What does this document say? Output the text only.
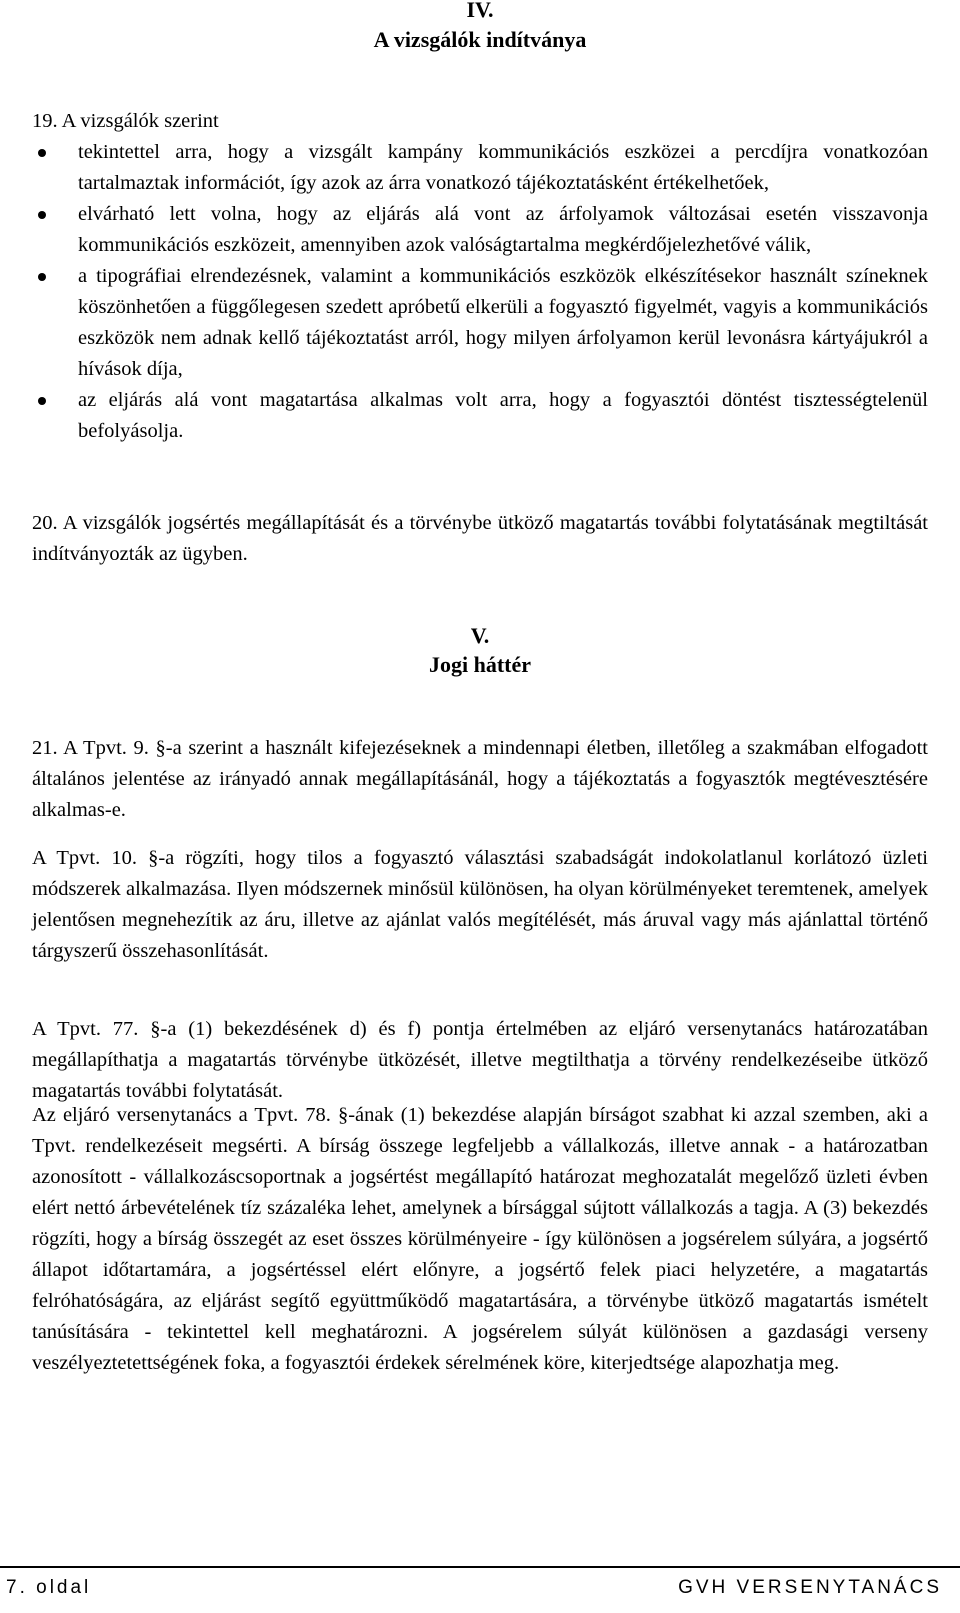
IV.
A vizsgálók indítványa

19. A vizsgálók szerint

tekintettel arra, hogy a vizsgált kampány kommunikációs eszközei a percdíjra vonatkozóan tartalmaztak információt, így azok az árra vonatkozó tájékoztatásként értékelhetőek,
elvárható lett volna, hogy az eljárás alá vont az árfolyamok változásai esetén visszavonja kommunikációs eszközeit, amennyiben azok valóságtartalma megkérdőjelezhetővé válik,
a tipográfiai elrendezésnek, valamint a kommunikációs eszközök elkészítésekor használt színeknek köszönhetően a függőlegesen szedett apróbetű elkerüli a fogyasztó figyelmét, vagyis a kommunikációs eszközök nem adnak kellő tájékoztatást arról, hogy milyen árfolyamon kerül levonásra kártyájukról a hívások díja,
az eljárás alá vont magatartása alkalmas volt arra, hogy a fogyasztói döntést tisztességtelenül befolyásolja.

20. A vizsgálók jogsértés megállapítását és a törvénybe ütköző magatartás további folytatásának megtiltását indítványozták az ügyben.

V.
Jogi háttér

21. A Tpvt. 9. §-a szerint a használt kifejezéseknek a mindennapi életben, illetőleg a szakmában elfogadott általános jelentése az irányadó annak megállapításánál, hogy a tájékoztatás a fogyasztók megtévesztésére alkalmas-e.

A Tpvt. 10. §-a rögzíti, hogy tilos a fogyasztó választási szabadságát indokolatlanul korlátozó üzleti módszerek alkalmazása. Ilyen módszernek minősül különösen, ha olyan körülményeket teremtenek, amelyek jelentősen megnehezítik az áru, illetve az ajánlat valós megítélését, más áruval vagy más ajánlattal történő tárgyszerű összehasonlítását.

A Tpvt. 77. §-a (1) bekezdésének d) és f) pontja értelmében az eljáró versenytanács határozatában megállapíthatja a magatartás törvénybe ütközését, illetve megtilthatja a törvény rendelkezéseibe ütköző magatartás további folytatását.

Az eljáró versenytanács a Tpvt. 78. §-ának (1) bekezdése alapján bírságot szabhat ki azzal szemben, aki a Tpvt. rendelkezéseit megsérti. A bírság összege legfeljebb a vállalkozás, illetve annak - a határozatban azonosított - vállalkozáscsoportnak a jogsértést megállapító határozat meghozatalát megelőző üzleti évben elért nettó árbevételének tíz százaléka lehet, amelynek a bírsággal sújtott vállalkozás a tagja. A (3) bekezdés rögzíti, hogy a bírság összegét az eset összes körülményeire - így különösen a jogsérelem súlyára, a jogsértő állapot időtartamára, a jogsértéssel elért előnyre, a jogsértő felek piaci helyzetére, a magatartás felróhatóságára, az eljárást segítő együttműködő magatartására, a törvénybe ütköző magatartás ismételt tanúsítására - tekintettel kell meghatározni. A jogsérelem súlyát különösen a gazdasági verseny veszélyeztetettségének foka, a fogyasztói érdekek sérelmének köre, kiterjedtsége alapozhatja meg.

7. oldal	GVH VERSENYTANÁCS
